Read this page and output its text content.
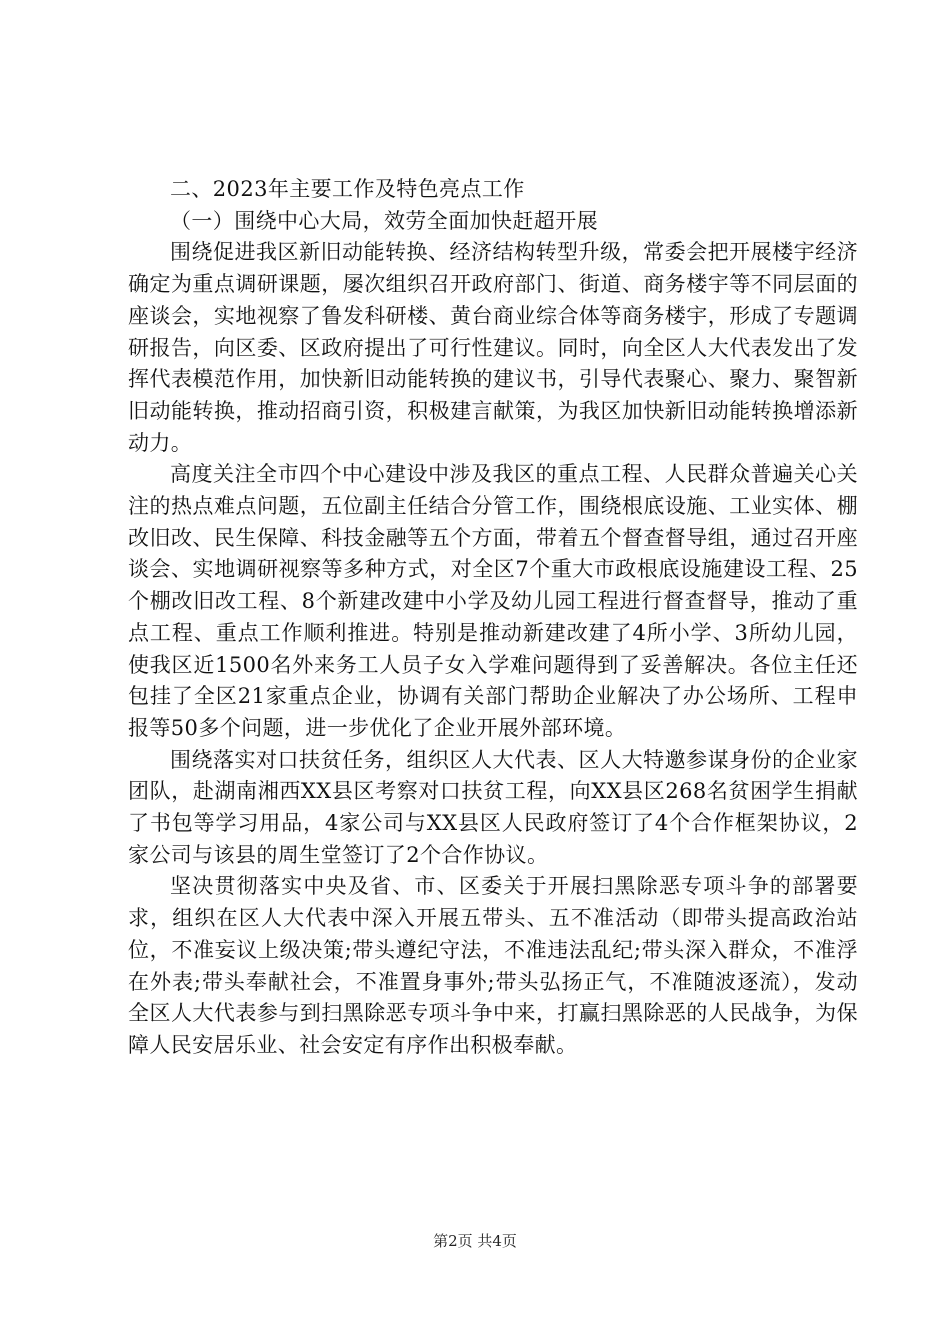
二、2023年主要工作及特色亮点工作

（一）围绕中心大局，效劳全面加快赶超开展

围绕促进我区新旧动能转换、经济结构转型升级，常委会把开展楼宇经济确定为重点调研课题，屡次组织召开政府部门、街道、商务楼宇等不同层面的座谈会，实地视察了鲁发科研楼、黄台商业综合体等商务楼宇，形成了专题调研报告，向区委、区政府提出了可行性建议。同时，向全区人大代表发出了发挥代表模范作用，加快新旧动能转换的建议书，引导代表聚心、聚力、聚智新旧动能转换，推动招商引资，积极建言献策，为我区加快新旧动能转换增添新动力。

高度关注全市四个中心建设中涉及我区的重点工程、人民群众普遍关心关注的热点难点问题，五位副主任结合分管工作，围绕根底设施、工业实体、棚改旧改、民生保障、科技金融等五个方面，带着五个督查督导组，通过召开座谈会、实地调研视察等多种方式，对全区7个重大市政根底设施建设工程、25个棚改旧改工程、8个新建改建中小学及幼儿园工程进行督查督导，推动了重点工程、重点工作顺利推进。特别是推动新建改建了4所小学、3所幼儿园，使我区近1500名外来务工人员子女入学难问题得到了妥善解决。各位主任还包挂了全区21家重点企业，协调有关部门帮助企业解决了办公场所、工程申报等50多个问题，进一步优化了企业开展外部环境。

围绕落实对口扶贫任务，组织区人大代表、区人大特邀参谋身份的企业家团队，赴湖南湘西XX县区考察对口扶贫工程，向XX县区268名贫困学生捐献了书包等学习用品，4家公司与XX县区人民政府签订了4个合作框架协议，2家公司与该县的周生堂签订了2个合作协议。

坚决贯彻落实中央及省、市、区委关于开展扫黑除恶专项斗争的部署要求，组织在区人大代表中深入开展五带头、五不准活动（即带头提高政治站位，不准妄议上级决策;带头遵纪守法，不准违法乱纪;带头深入群众，不准浮在外表;带头奉献社会，不准置身事外;带头弘扬正气，不准随波逐流），发动全区人大代表参与到扫黑除恶专项斗争中来，打赢扫黑除恶的人民战争，为保障人民安居乐业、社会安定有序作出积极奉献。

第2页 共4页
